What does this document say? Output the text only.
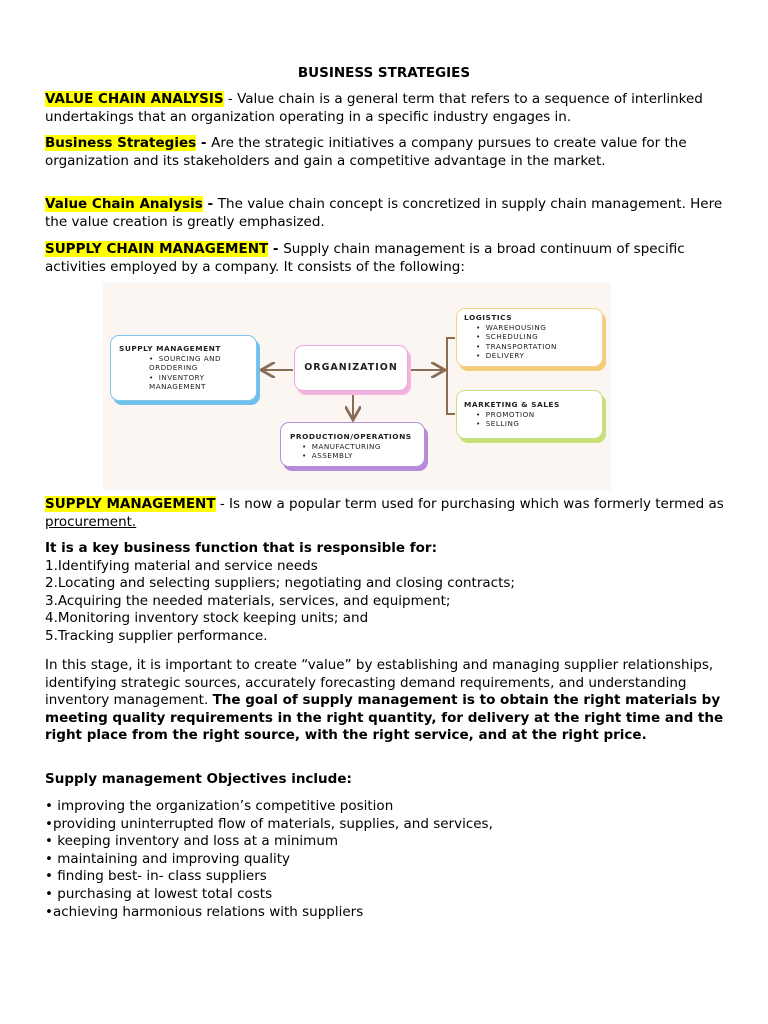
BUSINESS STRATEGIES

VALUE CHAIN ANALYSIS - Value chain is a general term that refers to a sequence of interlinked undertakings that an organization operating in a specific industry engages in.

Business Strategies - Are the strategic initiatives a company pursues to create value for the organization and its stakeholders and gain a competitive advantage in the market.

Value Chain Analysis - The value chain concept is concretized in supply chain management. Here the value creation is greatly emphasized.

SUPPLY CHAIN MANAGEMENT - Supply chain management is a broad continuum of specific activities employed by a company. It consists of the following:

SUPPLY MANAGEMENT
• SOURCING AND ORDDERING
• INVENTORY MANAGEMENT
ORGANIZATION
PRODUCTION/OPERATIONS
• MANUFACTURING
• ASSEMBLY
LOGISTICS
• WAREHOUSING
• SCHEDULING
• TRANSPORTATION
• DELIVERY
MARKETING & SALES
• PROMOTION
• SELLING

SUPPLY MANAGEMENT - Is now a popular term used for purchasing which was formerly termed as procurement.

It is a key business function that is responsible for:

1.Identifying material and service needs
2.Locating and selecting suppliers; negotiating and closing contracts;
3.Acquiring the needed materials, services, and equipment;
4.Monitoring inventory stock keeping units; and
5.Tracking supplier performance.

In this stage, it is important to create “value” by establishing and managing supplier relationships, identifying strategic sources, accurately forecasting demand requirements, and understanding inventory management. The goal of supply management is to obtain the right materials by meeting quality requirements in the right quantity, for delivery at the right time and the right place from the right source, with the right service, and at the right price.

Supply management Objectives include:

• improving the organization’s competitive position
•providing uninterrupted flow of materials, supplies, and services,
• keeping inventory and loss at a minimum
• maintaining and improving quality
• finding best- in- class suppliers
• purchasing at lowest total costs
•achieving harmonious relations with suppliers
